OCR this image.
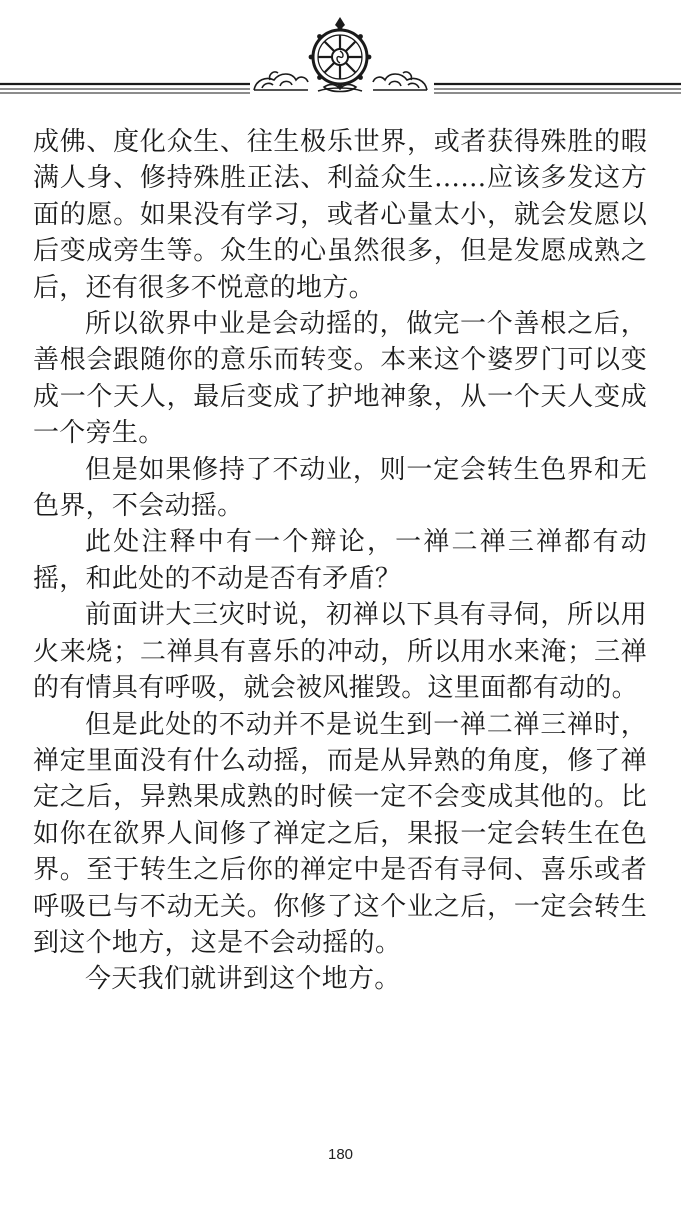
成佛、度化众生、往生极乐世界，或者获得殊胜的暇满人身、修持殊胜正法、利益众生……应该多发这方面的愿。如果没有学习，或者心量太小，就会发愿以后变成旁生等。众生的心虽然很多，但是发愿成熟之后，还有很多不悦意的地方。

所以欲界中业是会动摇的，做完一个善根之后，善根会跟随你的意乐而转变。本来这个婆罗门可以变成一个天人，最后变成了护地神象，从一个天人变成一个旁生。

但是如果修持了不动业，则一定会转生色界和无色界，不会动摇。

此处注释中有一个辩论，一禅二禅三禅都有动摇，和此处的不动是否有矛盾？

前面讲大三灾时说，初禅以下具有寻伺，所以用火来烧；二禅具有喜乐的冲动，所以用水来淹；三禅的有情具有呼吸，就会被风摧毁。这里面都有动的。

但是此处的不动并不是说生到一禅二禅三禅时，禅定里面没有什么动摇，而是从异熟的角度，修了禅定之后，异熟果成熟的时候一定不会变成其他的。比如你在欲界人间修了禅定之后，果报一定会转生在色界。至于转生之后你的禅定中是否有寻伺、喜乐或者呼吸已与不动无关。你修了这个业之后，一定会转生到这个地方，这是不会动摇的。

今天我们就讲到这个地方。

180
